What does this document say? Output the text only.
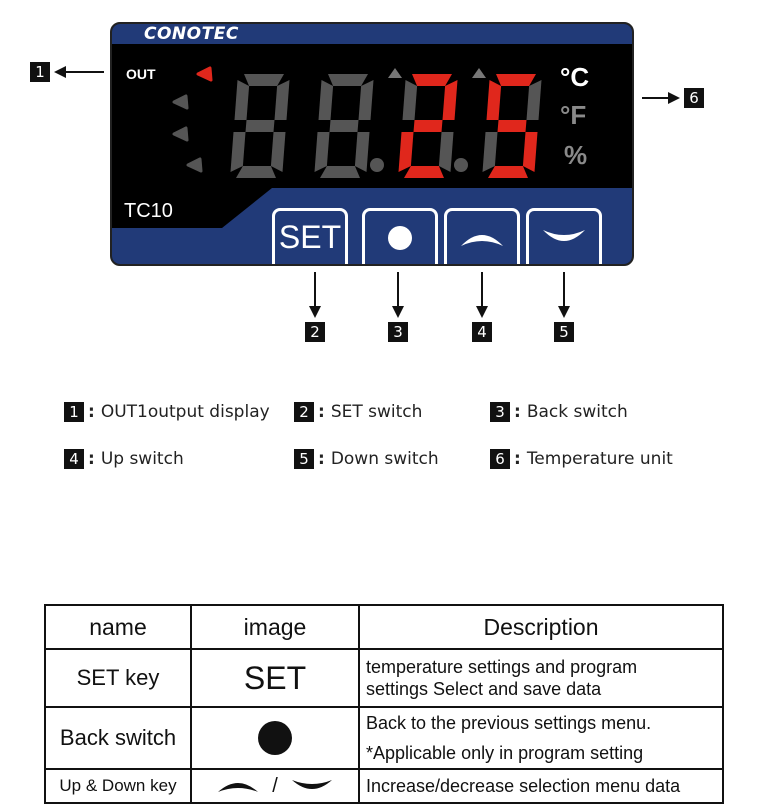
CONOTEC
OUT	°C
°F
%
TC10
SET
1
6
2	3	4	5
1 : OUT1output display	2 : SET switch	3 : Back switch
4 : Up switch	5 : Down switch	6 : Temperature unit
name	image	Description
SET key	SET	temperature settings and program
settings Select and save data

Back switch		Back to the previous settings menu.
*Applicable only in program setting

Up & Down key	/	Increase/decrease selection menu data
